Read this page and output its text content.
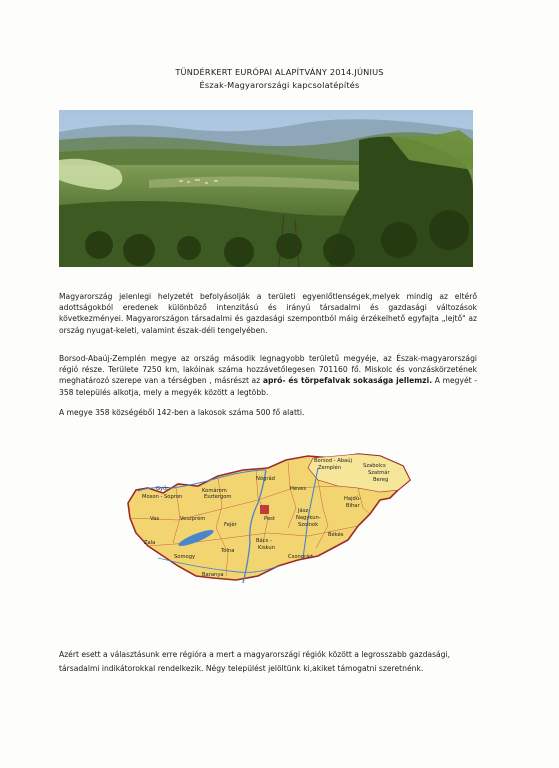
TÜNDÉRKERT EURÓPAI ALAPÍTVÁNY 2014.JÚNIUS
Észak-Magyarországi kapcsolatépítés
Magyarország jelenlegi helyzetét befolyásolják a területi egyenlőtlenségek,melyek mindig az eltérő adottságokból eredenek különböző intenzitású és irányú társadalmi és gazdasági változások következményei. Magyarországon társadalmi és gazdasági szempontból máig érzékelhető egyfajta „lejtő" az ország nyugat-keleti, valamint észak-déli tengelyében.
Borsod-Abaúj-Zemplén megye az ország második legnagyobb területű megyéje, az Észak-magyarországi régió része. Területe 7250 km, lakóinak száma hozzávetőlegesen 701160 fő. Miskolc és vonzáskörzetének meghatározó szerepe van a térségben , másrészt az apró- és törpefalvak sokasága jellemzi. A megyét - 358 település alkotja, mely a megyék között a legtöbb.
A megye 358 községéből 142-ben a lakosok száma 500 fő alatti.
Győr
Moson - Sopron
Komárom
Esztergom
Nógrád
Borsod - Abaúj
Zemplén	Szabolcs
Szatmár
Bereg
Vas	Veszprém
Fejér
Pest
Heves
Jász-
Nagykun-
Szolnok
Hajdú-
Bihar
Zala
Somogy
Tolna
Bács -
Kiskun
Békés
Csongrád
Baranya
Azért esett a választásunk erre régióra a mert a magyarországi régiók között a legrosszabb gazdasági, társadalmi indikátorokkal rendelkezik. Négy települést jelöltünk ki,akiket támogatni szeretnénk.
